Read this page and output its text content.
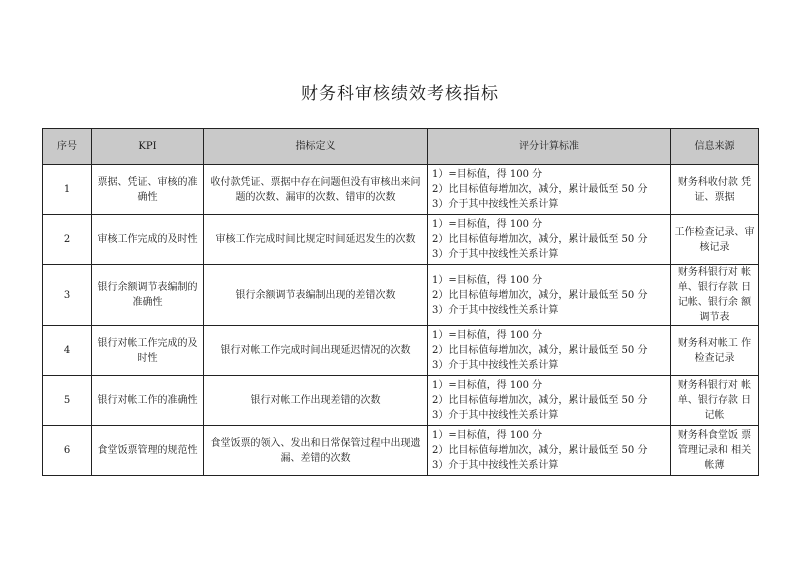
财务科审核绩效考核指标
序号	KPI	指标定义	评分计算标准	信息来源
1	票据、凭证、审核的准确性	收付款凭证、票据中存在问题但没有审核出来问题的次数、漏审的次数、错审的次数	1）=目标值，得 100 分
2）比目标值每增加次，减分，累计最低至 50 分
3）介于其中按线性关系计算	财务科收付款 凭证、票据
2	审核工作完成的及时性	审核工作完成时间比规定时间延迟发生的次数	1）=目标值，得 100 分
2）比目标值每增加次，减分，累计最低至 50 分
3）介于其中按线性关系计算	工作检查记录、审核记录
3	银行余额调节表编制的准确性	银行余额调节表编制出现的差错次数	1）=目标值，得 100 分
2）比目标值每增加次，减分，累计最低至 50 分
3）介于其中按线性关系计算	财务科银行对 帐单、银行存款 日记帐、银行余 额调节表
4	银行对帐工作完成的及时性	银行对帐工作完成时间出现延迟情况的次数	1）=目标值，得 100 分
2）比目标值每增加次，减分，累计最低至 50 分
3）介于其中按线性关系计算	财务科对帐工 作检查记录
5	银行对帐工作的准确性	银行对帐工作出现差错的次数	1）=目标值，得 100 分
2）比目标值每增加次，减分，累计最低至 50 分
3）介于其中按线性关系计算	财务科银行对 帐单、银行存款 日记帐
6	食堂饭票管理的规范性	食堂饭票的领入、发出和日常保管过程中出现遗漏、差错的次数	1）=目标值，得 100 分
2）比目标值每增加次，减分，累计最低至 50 分
3）介于其中按线性关系计算	财务科食堂饭 票管理记录和 相关帐薄
